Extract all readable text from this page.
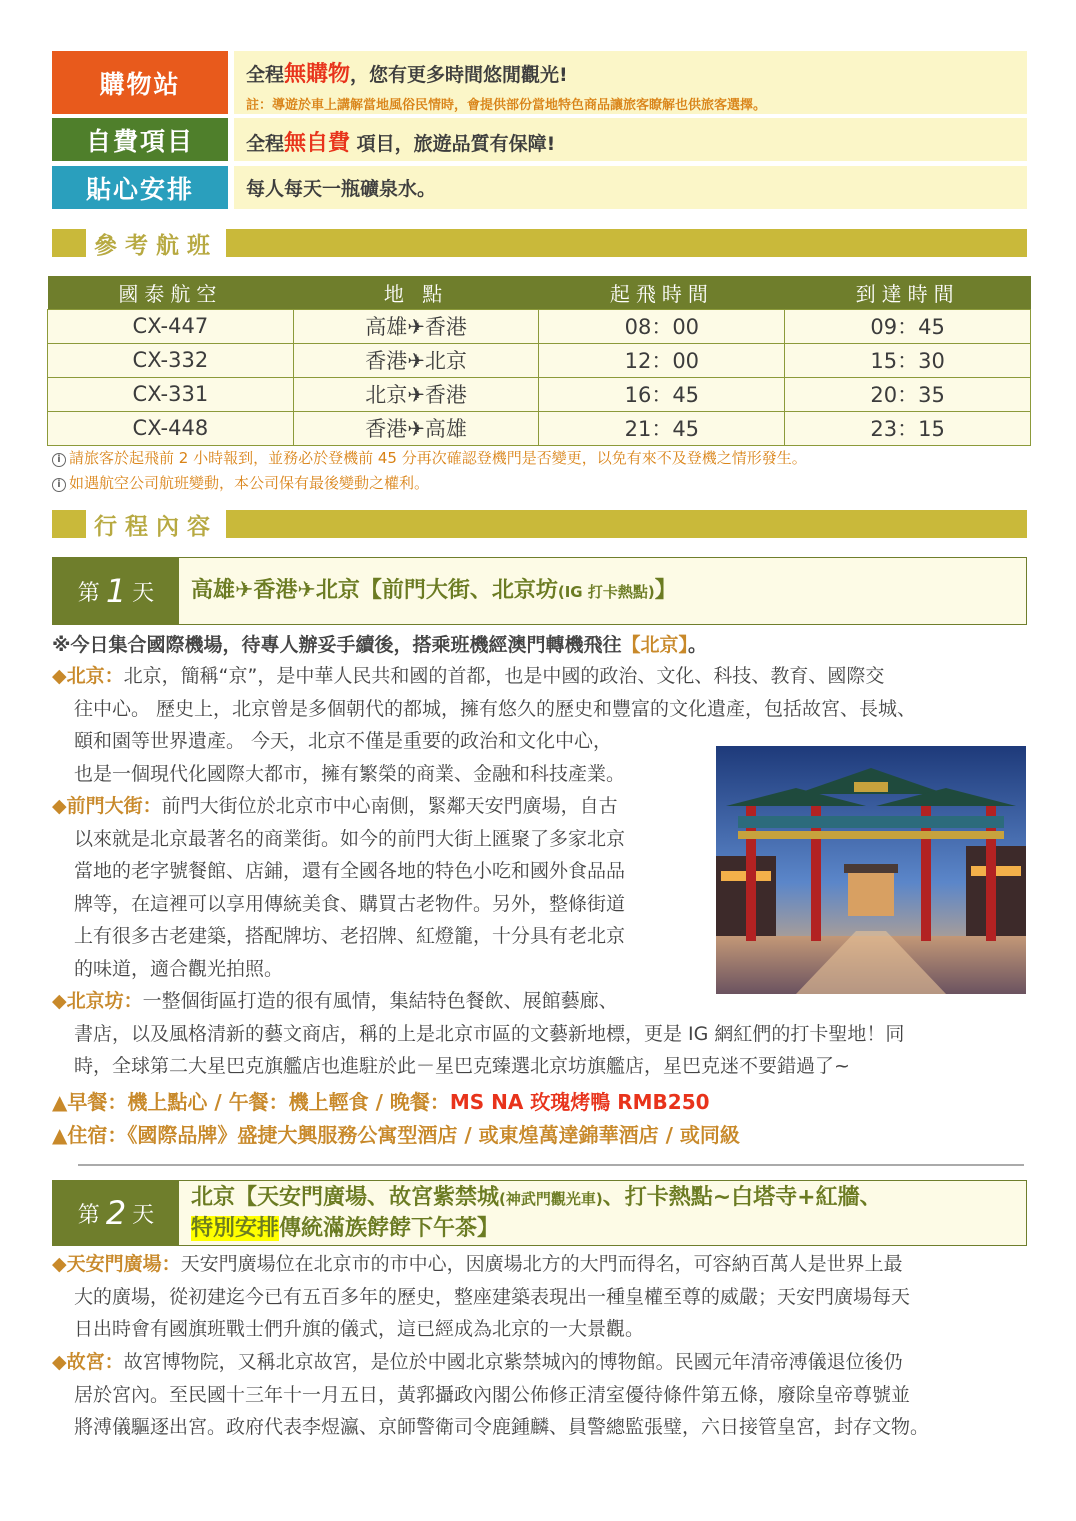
購物站	全程無購物，您有更多時間悠閒觀光!
註：導遊於車上講解當地風俗民情時，會提供部份當地特色商品讓旅客瞭解也供旅客選擇。
自費項目	全程無自費 項目，旅遊品質有保障!
貼心安排	每人每天一瓶礦泉水。
參考航班
國泰航空	地 點	起飛時間	到達時間
CX-447	高雄✈香港	08：00	09：45
CX-332	香港✈北京	12：00	15：30
CX-331	北京✈香港	16：45	20：35
CX-448	香港✈高雄	21：45	23：15
i 請旅客於起飛前 2 小時報到，並務必於登機前 45 分再次確認登機門是否變更，以免有來不及登機之情形發生。
i 如遇航空公司航班變動，本公司保有最後變動之權利。
行程內容
第 1 天	高雄✈香港✈北京【前門大街、北京坊(IG 打卡熱點)】
※今日集合國際機場，待專人辦妥手續後，搭乘班機經澳門轉機飛往【北京】。
◆北京：北京，簡稱“京”，是中華人民共和國的首都，也是中國的政治、文化、科技、教育、國際交
往中心。 歷史上，北京曾是多個朝代的都城，擁有悠久的歷史和豐富的文化遺產，包括故宮、長城、
頤和園等世界遺產。 今天，北京不僅是重要的政治和文化中心，
也是一個現代化國際大都市，擁有繁榮的商業、金融和科技產業。
◆前門大街：前門大街位於北京市中心南側，緊鄰天安門廣場，自古
以來就是北京最著名的商業街。如今的前門大街上匯聚了多家北京
當地的老字號餐館、店鋪，還有全國各地的特色小吃和國外食品品
牌等，在這裡可以享用傳統美食、購買古老物件。另外，整條街道
上有很多古老建築，搭配牌坊、老招牌、紅燈籠，十分具有老北京
的味道，適合觀光拍照。
◆北京坊：一整個街區打造的很有風情，集結特色餐飲、展館藝廊、
書店，以及風格清新的藝文商店，稱的上是北京市區的文藝新地標，更是 IG 網紅們的打卡聖地！同
時，全球第二大星巴克旗艦店也進駐於此－星巴克臻選北京坊旗艦店，星巴克迷不要錯過了~
▲早餐：機上點心 / 午餐：機上輕食 / 晚餐：MS NA 玫瑰烤鴨 RMB250
▲住宿：《國際品牌》盛捷大興服務公寓型酒店 / 或東煌萬達錦華酒店 / 或同級
第 2 天
北京【天安門廣場、故宮紫禁城(神武門觀光車)、打卡熱點~白塔寺+紅牆、
特別安排傳統滿族餑餑下午茶】
◆天安門廣場：天安門廣場位在北京市的市中心，因廣場北方的大門而得名，可容納百萬人是世界上最
大的廣場，從初建迄今已有五百多年的歷史，整座建築表現出一種皇權至尊的威嚴；天安門廣場每天
日出時會有國旗班戰士們升旗的儀式，這已經成為北京的一大景觀。
◆故宮：故宮博物院，又稱北京故宮，是位於中國北京紫禁城內的博物館。民國元年清帝溥儀退位後仍
居於宮內。至民國十三年十一月五日，黃郛攝政內閣公佈修正清室優待條件第五條，廢除皇帝尊號並
將溥儀驅逐出宮。政府代表李煜瀛、京師警衛司令鹿鍾麟、員警總監張璧，六日接管皇宮，封存文物。
